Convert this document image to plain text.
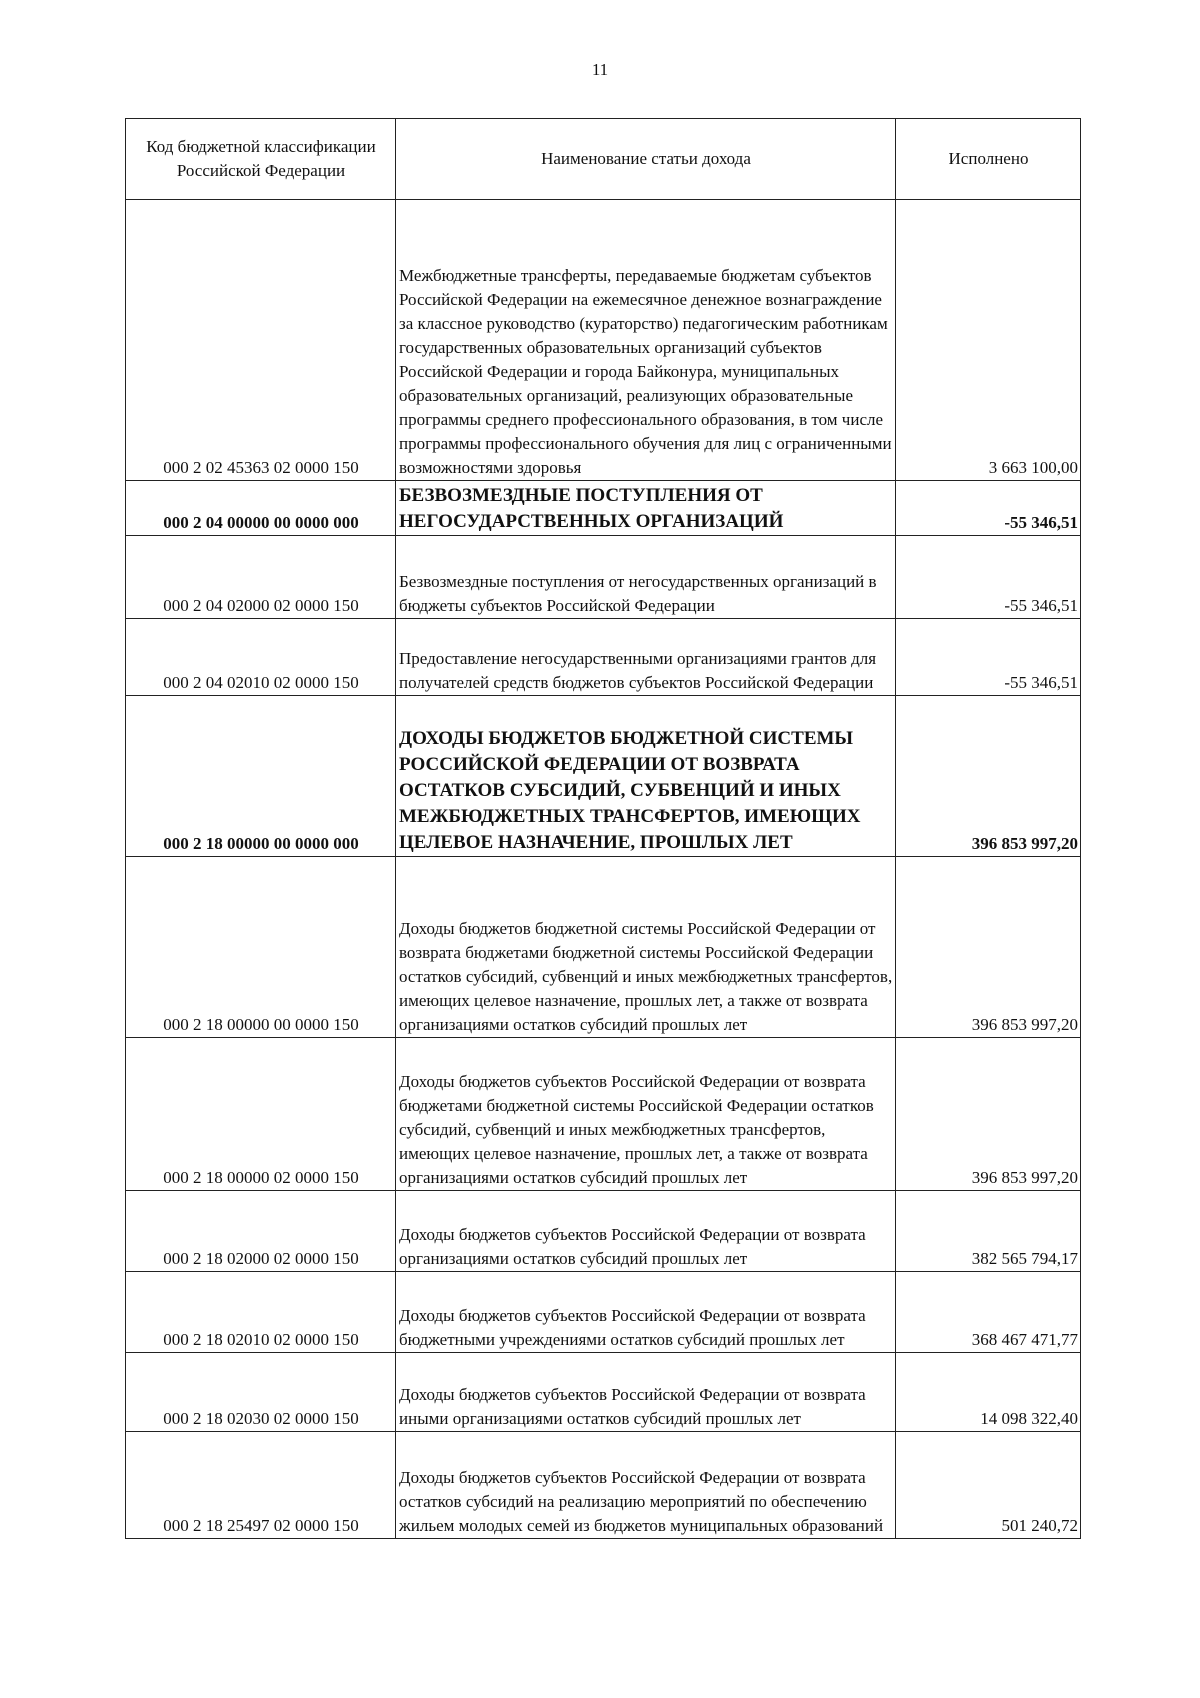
11
Код бюджетной классификации Российской Федерации	Наименование статьи дохода	Исполнено
000 2 02 45363 02 0000 150	Межбюджетные трансферты, передаваемые бюджетам субъектов Российской Федерации на ежемесячное денежное вознаграждение за классное руководство (кураторство) педагогическим работникам государственных образовательных организаций субъектов Российской Федерации и города Байконура, муниципальных образовательных организаций, реализующих образовательные программы среднего профессионального образования, в том числе программы профессионального обучения для лиц с ограниченными возможностями здоровья	3 663 100,00
000 2 04 00000 00 0000 000	БЕЗВОЗМЕЗДНЫЕ ПОСТУПЛЕНИЯ ОТ НЕГОСУДАРСТВЕННЫХ ОРГАНИЗАЦИЙ	-55 346,51
000 2 04 02000 02 0000 150	Безвозмездные поступления от негосударственных организаций в бюджеты субъектов Российской Федерации	-55 346,51
000 2 04 02010 02 0000 150	Предоставление негосударственными организациями грантов для получателей средств бюджетов субъектов Российской Федерации	-55 346,51
000 2 18 00000 00 0000 000	ДОХОДЫ БЮДЖЕТОВ БЮДЖЕТНОЙ СИСТЕМЫ РОССИЙСКОЙ ФЕДЕРАЦИИ ОТ ВОЗВРАТА ОСТАТКОВ СУБСИДИЙ, СУБВЕНЦИЙ И ИНЫХ МЕЖБЮДЖЕТНЫХ ТРАНСФЕРТОВ, ИМЕЮЩИХ ЦЕЛЕВОЕ НАЗНАЧЕНИЕ, ПРОШЛЫХ ЛЕТ	396 853 997,20
000 2 18 00000 00 0000 150	Доходы бюджетов бюджетной системы Российской Федерации от возврата бюджетами бюджетной системы Российской Федерации остатков субсидий, субвенций и иных межбюджетных трансфертов, имеющих целевое назначение, прошлых лет, а также от возврата организациями остатков субсидий прошлых лет	396 853 997,20
000 2 18 00000 02 0000 150	Доходы бюджетов субъектов Российской Федерации от возврата бюджетами бюджетной системы Российской Федерации остатков субсидий, субвенций и иных межбюджетных трансфертов, имеющих целевое назначение, прошлых лет, а также от возврата организациями остатков субсидий прошлых лет	396 853 997,20
000 2 18 02000 02 0000 150	Доходы бюджетов субъектов Российской Федерации от возврата организациями остатков субсидий прошлых лет	382 565 794,17
000 2 18 02010 02 0000 150	Доходы бюджетов субъектов Российской Федерации от возврата бюджетными учреждениями остатков субсидий прошлых лет	368 467 471,77
000 2 18 02030 02 0000 150	Доходы бюджетов субъектов Российской Федерации от возврата иными организациями остатков субсидий прошлых лет	14 098 322,40
000 2 18 25497 02 0000 150	Доходы бюджетов субъектов Российской Федерации от возврата остатков субсидий на реализацию мероприятий по обеспечению жильем молодых семей из бюджетов муниципальных образований	501 240,72
